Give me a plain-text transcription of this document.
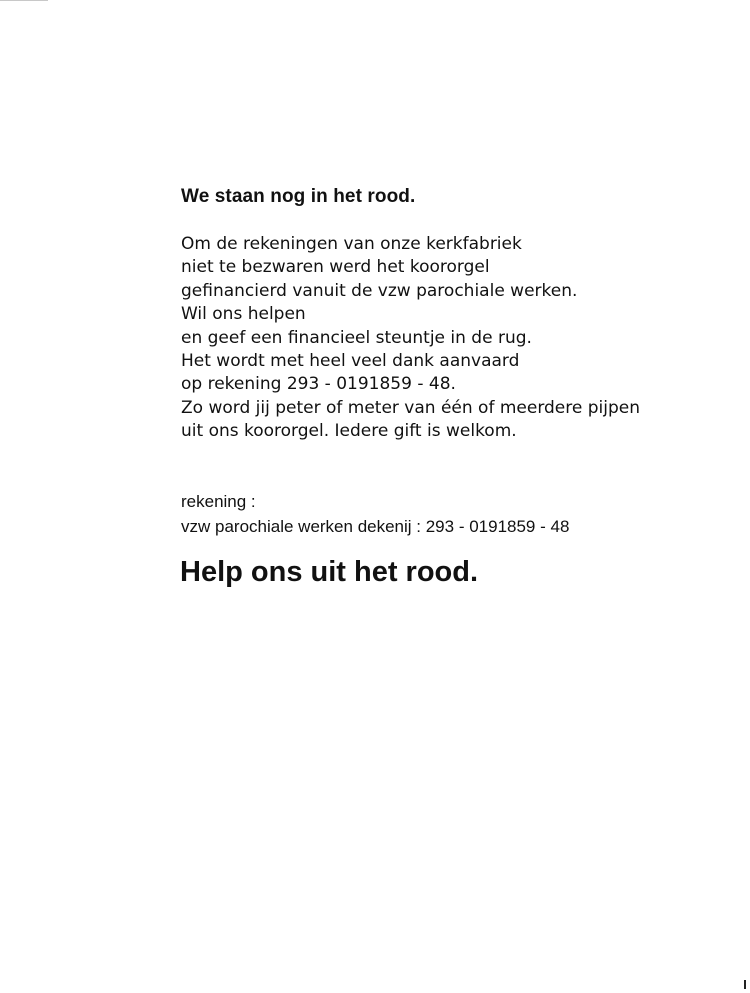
We staan nog in het rood.
Om de rekeningen van onze kerkfabriek
niet te bezwaren werd het koororgel
gefinancierd vanuit de vzw parochiale werken.
Wil ons helpen
en geef een financieel steuntje in de rug.
Het wordt met heel veel dank aanvaard
op rekening 293 - 0191859 - 48.
Zo word jij peter of meter van één of meerdere pijpen
uit ons koororgel. Iedere gift is welkom.
rekening :
vzw parochiale werken dekenij : 293 - 0191859 - 48
Help ons uit het rood.
